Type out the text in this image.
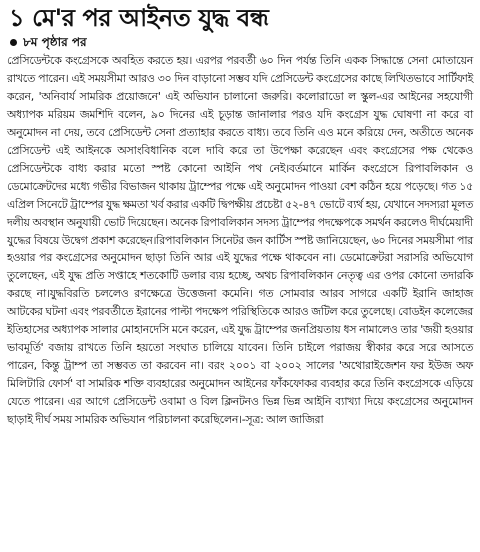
১ মে'র পর আইনত যুদ্ধ বন্ধ
৮ম পৃষ্ঠার পর
প্রেসিডেন্টকে কংগ্রেসকে অবহিত করতে হয়। এরপর পরবর্তী ৬০ দিন পর্যন্ত তিনি একক সিদ্ধান্তে সেনা মোতায়েন রাখতে পারেন। এই সময়সীমা আরও ৩০ দিন বাড়ানো সম্ভব যদি প্রেসিডেন্ট কংগ্রেসের কাছে লিখিতভাবে সার্টিফাই করেন, 'অনিবার্য সামরিক প্রয়োজনে' এই অভিযান চালানো জরুরি। কলোরাডো ল স্কুল-এর আইনের সহযোগী অধ্যাপক মরিয়ম জমশিদি বলেন, ৯০ দিনের এই চূড়ান্ত জানালার পরও যদি কংগ্রেস যুদ্ধ ঘোষণা না করে বা অনুমোদন না দেয়, তবে প্রেসিডেন্ট সেনা প্রত্যাহার করতে বাধ্য। তবে তিনি এও মনে করিয়ে দেন, অতীতে অনেক প্রেসিডেন্ট এই আইনকে অসাংবিধানিক বলে দাবি করে তা উপেক্ষা করেছেন এবং কংগ্রেসের পক্ষ থেকেও প্রেসিডেন্টকে বাধ্য করার মতো স্পষ্ট কোনো আইনি পথ নেই।বর্তমানে মার্কিন কংগ্রেসে রিপাবলিকান ও ডেমোক্রেটদের মধ্যে গভীর বিভাজন থাকায় ট্রাম্পের পক্ষে এই অনুমোদন পাওয়া বেশ কঠিন হয়ে পড়েছে। গত ১৫ এপ্রিল সিনেটে ট্রাম্পের যুদ্ধ ক্ষমতা খর্ব করার একটি দ্বিপক্ষীয় প্রচেষ্টা ৫২-৪৭ ভোটে ব্যর্থ হয়, যেখানে সদস্যরা মূলত দলীয় অবস্থান অনুযায়ী ভোট দিয়েছেন। অনেক রিপাবলিকান সদস্য ট্রাম্পের পদক্ষেপকে সমর্থন করলেও দীর্ঘমেয়াদী যুদ্ধের বিষয়ে উদ্বেগ প্রকাশ করেছেন।রিপাবলিকান সিনেটর জন কার্টিস স্পষ্ট জানিয়েছেন, ৬০ দিনের সময়সীমা পার হওয়ার পর কংগ্রেসের অনুমোদন ছাড়া তিনি আর এই যুদ্ধের পক্ষে থাকবেন না। ডেমোক্রেটরা সরাসরি অভিযোগ তুলেছেন, এই যুদ্ধ প্রতি সপ্তাহে শতকোটি ডলার ব্যয় হচ্ছে, অথচ রিপাবলিকান নেতৃত্ব এর ওপর কোনো তদারকি করছে না।যুদ্ধবিরতি চললেও রণক্ষেত্রে উত্তেজনা কমেনি। গত সোমবার আরব সাগরে একটি ইরানি জাহাজ আটকের ঘটনা এবং পরবর্তীতে ইরানের পাল্টা পদক্ষেপ পরিস্থিতিকে আরও জটিল করে তুলেছে। বোডইন কলেজের ইতিহাসের অধ্যাপক সালার মোহানদেসি মনে করেন, এই যুদ্ধ ট্রাম্পের জনপ্রিয়তায় ধস নামালেও তার 'জয়ী হওয়ার ভাবমূর্তি' বজায় রাখতে তিনি হয়তো সংঘাত চালিয়ে যাবেন। তিনি চাইলে পরাজয় স্বীকার করে সরে আসতে পারেন, কিন্তু ট্রাম্প তা সম্ভবত তা করবেন না। বরং ২০০১ বা ২০০২ সালের 'অথোরাইজেশন ফর ইউজ অফ মিলিটারি ফোর্স' বা সামরিক শক্তি ব্যবহারের অনুমোদন আইনের ফাঁকফোকর ব্যবহার করে তিনি কংগ্রেসকে এড়িয়ে যেতে পারেন। এর আগে প্রেসিডেন্ট ওবামা ও বিল ক্লিনটনও ভিন্ন ভিন্ন আইনি ব্যাখ্যা দিয়ে কংগ্রেসের অনুমোদন ছাড়াই দীর্ঘ সময় সামরিক অভিযান পরিচালনা করেছিলেন।-সূত্র: আল জাজিরা
